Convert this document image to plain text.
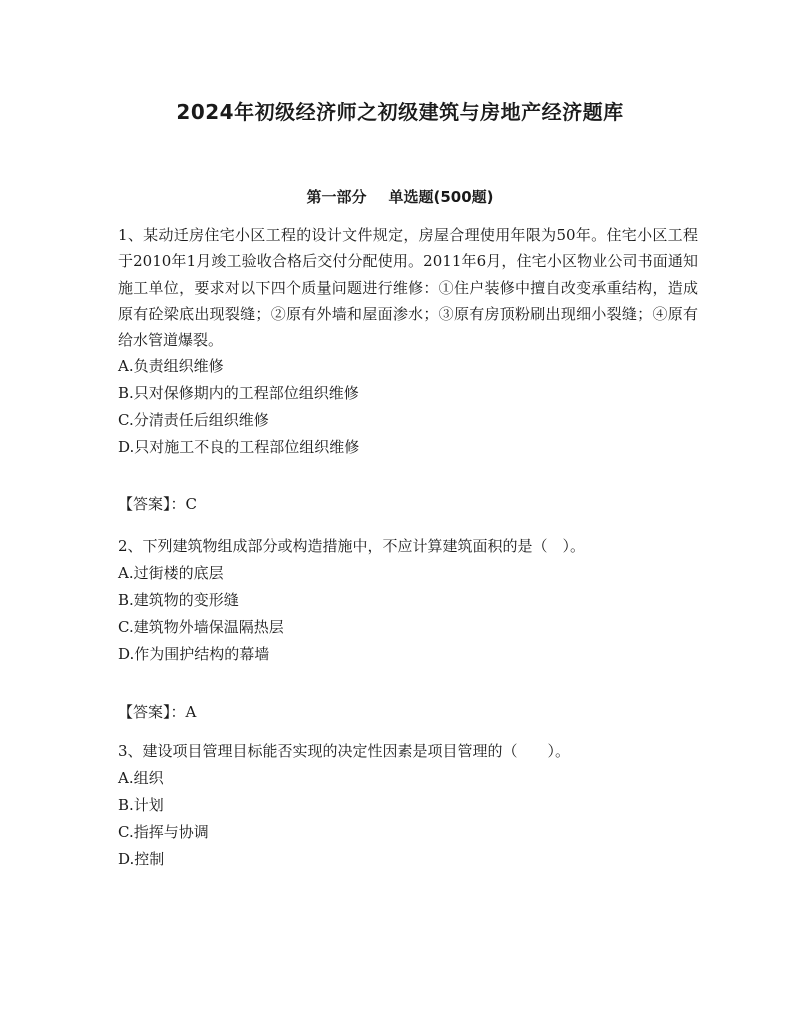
2024年初级经济师之初级建筑与房地产经济题库
第一部分 单选题(500题)
1、某动迁房住宅小区工程的设计文件规定，房屋合理使用年限为50年。住宅小区工程于2010年1月竣工验收合格后交付分配使用。2011年6月，住宅小区物业公司书面通知施工单位，要求对以下四个质量问题进行维修：①住户装修中擅自改变承重结构，造成原有砼梁底出现裂缝；②原有外墙和屋面渗水；③原有房顶粉刷出现细小裂缝；④原有给水管道爆裂。
A.负责组织维修
B.只对保修期内的工程部位组织维修
C.分清责任后组织维修
D.只对施工不良的工程部位组织维修
【答案】：C
2、下列建筑物组成部分或构造措施中，不应计算建筑面积的是（　）。
A.过街楼的底层
B.建筑物的变形缝
C.建筑物外墙保温隔热层
D.作为围护结构的幕墙
【答案】：A
3、建设项目管理目标能否实现的决定性因素是项目管理的（　　）。
A.组织
B.计划
C.指挥与协调
D.控制
